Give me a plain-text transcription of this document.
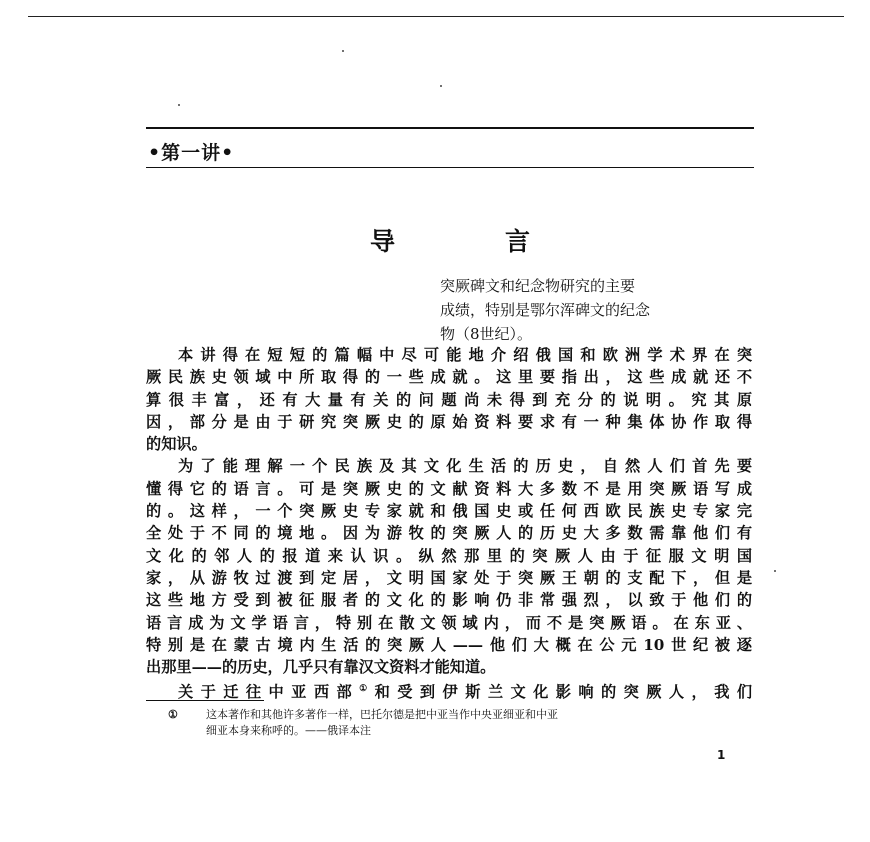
•第一讲•
导	言
突厥碑文和纪念物研究的主要
成绩，特别是鄂尔浑碑文的纪念
物（8世纪）。
本讲得在短短的篇幅中尽可能地介绍俄国和欧洲学术界在突
厥民族史领域中所取得的一些成就。这里要指出，这些成就还不
算很丰富，还有大量有关的问题尚未得到充分的说明。究其原
因，部分是由于研究突厥史的原始资料要求有一种集体协作取得
的知识。
为了能理解一个民族及其文化生活的历史，自然人们首先要
懂得它的语言。可是突厥史的文献资料大多数不是用突厥语写成
的。这样，一个突厥史专家就和俄国史或任何西欧民族史专家完
全处于不同的境地。因为游牧的突厥人的历史大多数需靠他们有
文化的邻人的报道来认识。纵然那里的突厥人由于征服文明国
家，从游牧过渡到定居，文明国家处于突厥王朝的支配下，但是
这些地方受到被征服者的文化的影响仍非常强烈，以致于他们的
语言成为文学语言，特别在散文领域内，而不是突厥语。在东亚、
特别是在蒙古境内生活的突厥人——他们大概在公元10世纪被逐
出那里——的历史，几乎只有靠汉文资料才能知道。
关于迁往中亚西部①和受到伊斯兰文化影响的突厥人，我们
①	这本著作和其他许多著作一样，巴托尔德是把中亚当作中央亚细亚和中亚
细亚本身来称呼的。——俄译本注
1
